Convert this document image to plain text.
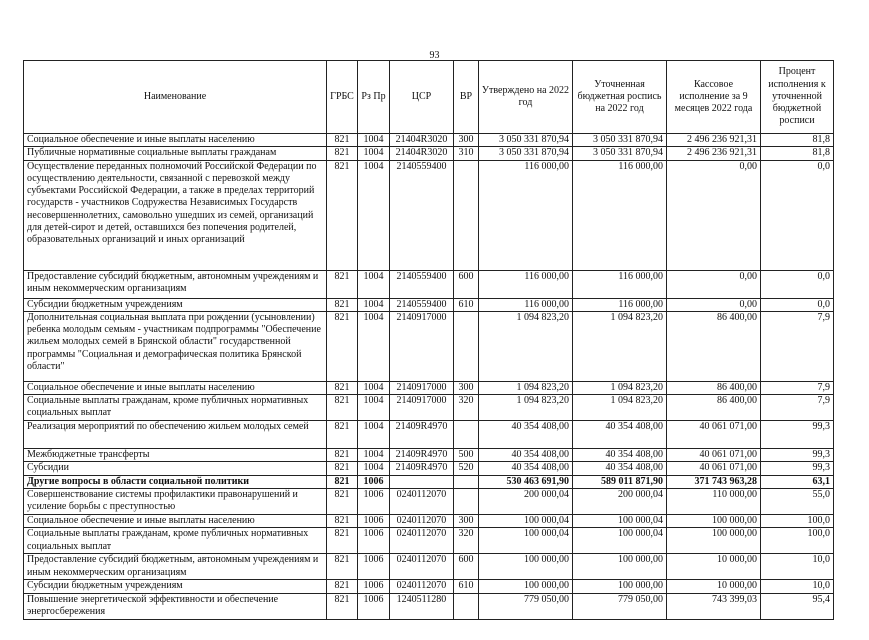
93
Наименование	ГРБС	Рз Пр	ЦСР	ВР	Утверждено на 2022 год	Уточненная бюджетная роспись на 2022 год	Кассовое исполнение за 9 месяцев 2022 года	Процент исполнения к уточненной бюджетной росписи
Социальное обеспечение и иные выплаты населению	821	1004	21404R3020	300	3 050 331 870,94	3 050 331 870,94	2 496 236 921,31	81,8
Публичные нормативные социальные выплаты гражданам	821	1004	21404R3020	310	3 050 331 870,94	3 050 331 870,94	2 496 236 921,31	81,8
Осуществление переданных полномочий Российской Федерации по осуществлению деятельности, связанной с перевозкой между субъектами Российской Федерации, а также в пределах территорий государств - участников Содружества Независимых Государств несовершеннолетних, самовольно ушедших из семей, организаций для детей-сирот и детей, оставшихся без попечения родителей, образовательных организаций и иных организаций	821	1004	2140559400		116 000,00	116 000,00	0,00	0,0
Предоставление субсидий бюджетным, автономным учреждениям и иным некоммерческим организациям	821	1004	2140559400	600	116 000,00	116 000,00	0,00	0,0
Субсидии бюджетным учреждениям	821	1004	2140559400	610	116 000,00	116 000,00	0,00	0,0
Дополнительная социальная выплата при рождении (усыновлении) ребенка молодым семьям - участникам подпрограммы "Обеспечение жильем молодых семей в Брянской области" государственной программы "Социальная и демографическая политика Брянской области"	821	1004	2140917000		1 094 823,20	1 094 823,20	86 400,00	7,9
Социальное обеспечение и иные выплаты населению	821	1004	2140917000	300	1 094 823,20	1 094 823,20	86 400,00	7,9
Социальные выплаты гражданам, кроме публичных нормативных социальных выплат	821	1004	2140917000	320	1 094 823,20	1 094 823,20	86 400,00	7,9
Реализация мероприятий по обеспечению жильем молодых семей	821	1004	21409R4970		40 354 408,00	40 354 408,00	40 061 071,00	99,3
Межбюджетные трансферты	821	1004	21409R4970	500	40 354 408,00	40 354 408,00	40 061 071,00	99,3
Субсидии	821	1004	21409R4970	520	40 354 408,00	40 354 408,00	40 061 071,00	99,3
Другие вопросы в области социальной политики	821	1006			530 463 691,90	589 011 871,90	371 743 963,28	63,1
Совершенствование системы профилактики правонарушений и усиление борьбы с преступностью	821	1006	0240112070		200 000,04	200 000,04	110 000,00	55,0
Социальное обеспечение и иные выплаты населению	821	1006	0240112070	300	100 000,04	100 000,04	100 000,00	100,0
Социальные выплаты гражданам, кроме публичных нормативных социальных выплат	821	1006	0240112070	320	100 000,04	100 000,04	100 000,00	100,0
Предоставление субсидий бюджетным, автономным учреждениям и иным некоммерческим организациям	821	1006	0240112070	600	100 000,00	100 000,00	10 000,00	10,0
Субсидии бюджетным учреждениям	821	1006	0240112070	610	100 000,00	100 000,00	10 000,00	10,0
Повышение энергетической эффективности и обеспечение энергосбережения	821	1006	1240511280		779 050,00	779 050,00	743 399,03	95,4
